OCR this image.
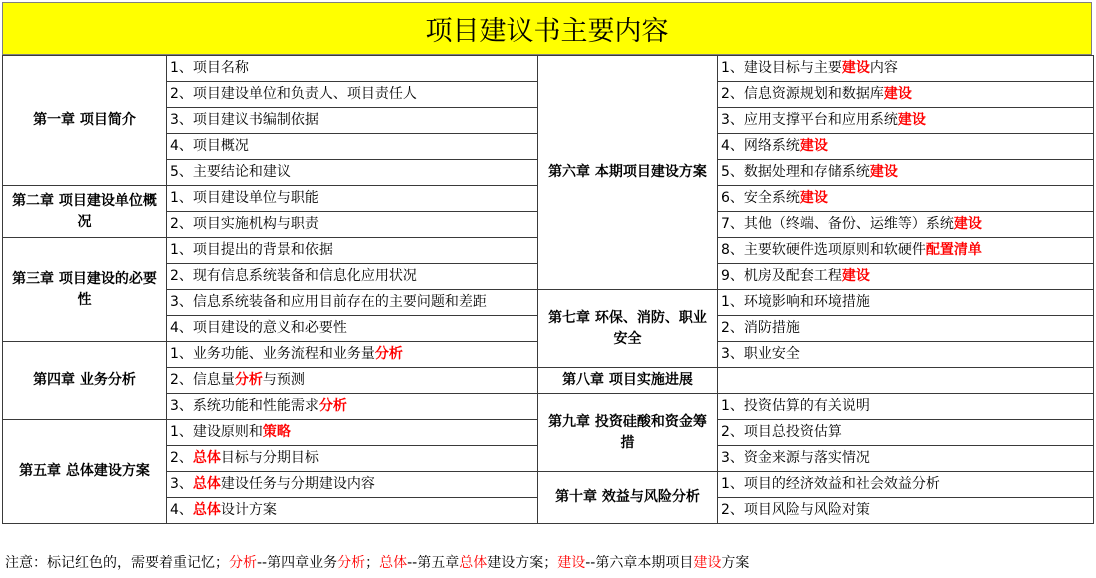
项目建议书主要内容
第一章 项目简介	1、项目名称	第六章 本期项目建设方案	1、建设目标与主要建设内容
	2、项目建设单位和负责人、项目责任人		2、信息资源规划和数据库建设
	3、项目建议书编制依据		3、应用支撑平台和应用系统建设
	4、项目概况		4、网络系统建设
	5、主要结论和建议		5、数据处理和存储系统建设
第二章 项目建设单位概况	1、项目建设单位与职能		6、安全系统建设
	2、项目实施机构与职责		7、其他（终端、备份、运维等）系统建设
第三章 项目建设的必要性	1、项目提出的背景和依据		8、主要软硬件选项原则和软硬件配置清单
	2、现有信息系统装备和信息化应用状况		9、机房及配套工程建设
	3、信息系统装备和应用目前存在的主要问题和差距	第七章 环保、消防、职业安全	1、环境影响和环境措施
	4、项目建设的意义和必要性		2、消防措施
第四章 业务分析	1、业务功能、业务流程和业务量分析		3、职业安全
	2、信息量分析与预测	第八章 项目实施进展	
	3、系统功能和性能需求分析	第九章 投资硅酸和资金筹措	1、投资估算的有关说明
第五章 总体建设方案	1、建设原则和策略		2、项目总投资估算
	2、总体目标与分期目标		3、资金来源与落实情况
	3、总体建设任务与分期建设内容	第十章 效益与风险分析	1、项目的经济效益和社会效益分析
	4、总体设计方案		2、项目风险与风险对策
注意：标记红色的，需要着重记忆；分析--第四章业务分析；总体--第五章总体建设方案；建设--第六章本期项目建设方案
